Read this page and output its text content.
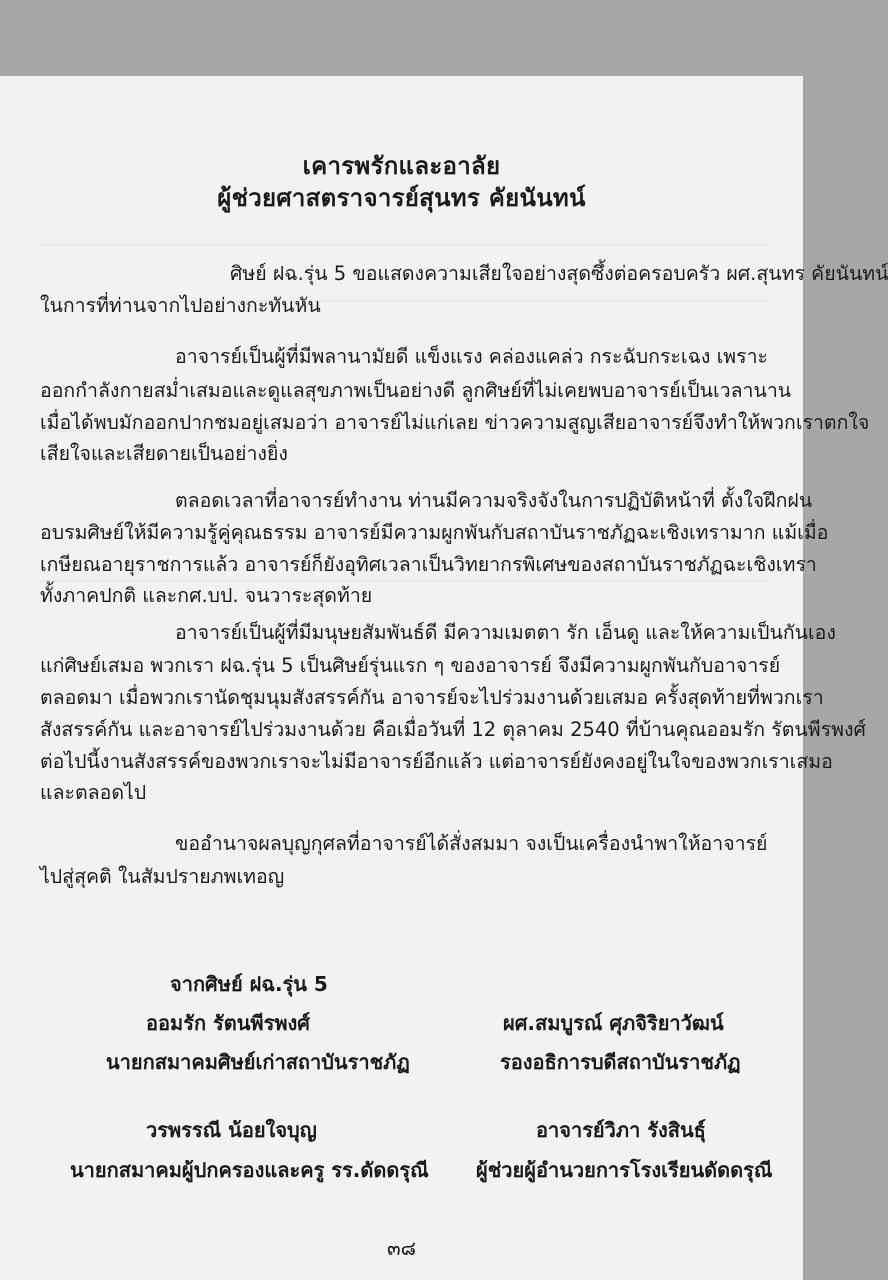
เคารพรักและอาลัย
ผู้ช่วยศาสตราจารย์สุนทร คัยนันทน์
ศิษย์ ฝฉ.รุ่น 5 ขอแสดงความเสียใจอย่างสุดซึ้งต่อครอบครัว ผศ.สุนทร คัยนันทน์
ในการที่ท่านจากไปอย่างกะทันหัน
อาจารย์เป็นผู้ที่มีพลานามัยดี แข็งแรง คล่องแคล่ว กระฉับกระเฉง เพราะ
ออกกำลังกายสม่ำเสมอและดูแลสุขภาพเป็นอย่างดี ลูกศิษย์ที่ไม่เคยพบอาจารย์เป็นเวลานาน
เมื่อได้พบมักออกปากชมอยู่เสมอว่า อาจารย์ไม่แก่เลย ข่าวความสูญเสียอาจารย์จึงทำให้พวกเราตกใจ
เสียใจและเสียดายเป็นอย่างยิ่ง
ตลอดเวลาที่อาจารย์ทำงาน ท่านมีความจริงจังในการปฏิบัติหน้าที่ ตั้งใจฝึกฝน
อบรมศิษย์ให้มีความรู้คู่คุณธรรม อาจารย์มีความผูกพันกับสถาบันราชภัฏฉะเชิงเทรามาก แม้เมื่อ
เกษียณอายุราชการแล้ว อาจารย์ก็ยังอุทิศเวลาเป็นวิทยากรพิเศษของสถาบันราชภัฏฉะเชิงเทรา
ทั้งภาคปกติ และกศ.บป. จนวาระสุดท้าย
อาจารย์เป็นผู้ที่มีมนุษยสัมพันธ์ดี มีความเมตตา รัก เอ็นดู และให้ความเป็นกันเอง
แก่ศิษย์เสมอ พวกเรา ฝฉ.รุ่น 5 เป็นศิษย์รุ่นแรก ๆ ของอาจารย์ จึงมีความผูกพันกับอาจารย์
ตลอดมา เมื่อพวกเรานัดชุมนุมสังสรรค์กัน อาจารย์จะไปร่วมงานด้วยเสมอ ครั้งสุดท้ายที่พวกเรา
สังสรรค์กัน และอาจารย์ไปร่วมงานด้วย คือเมื่อวันที่ 12 ตุลาคม 2540 ที่บ้านคุณออมรัก รัตนพีรพงศ์
ต่อไปนี้งานสังสรรค์ของพวกเราจะไม่มีอาจารย์อีกแล้ว แต่อาจารย์ยังคงอยู่ในใจของพวกเราเสมอ
และตลอดไป
ขออำนาจผลบุญกุศลที่อาจารย์ได้สั่งสมมา จงเป็นเครื่องนำพาให้อาจารย์
ไปสู่สุคติ ในสัมปรายภพเทอญ
จากศิษย์ ฝฉ.รุ่น 5
ออมรัก รัตนพีรพงศ์
นายกสมาคมศิษย์เก่าสถาบันราชภัฏ
วรพรรณี น้อยใจบุญ
นายกสมาคมผู้ปกครองและครู รร.ดัดดรุณี
ผศ.สมบูรณ์ ศุภจิริยาวัฒน์
รองอธิการบดีสถาบันราชภัฏ
อาจารย์วิภา รังสินธุ์
ผู้ช่วยผู้อำนวยการโรงเรียนดัดดรุณี
๓๘
